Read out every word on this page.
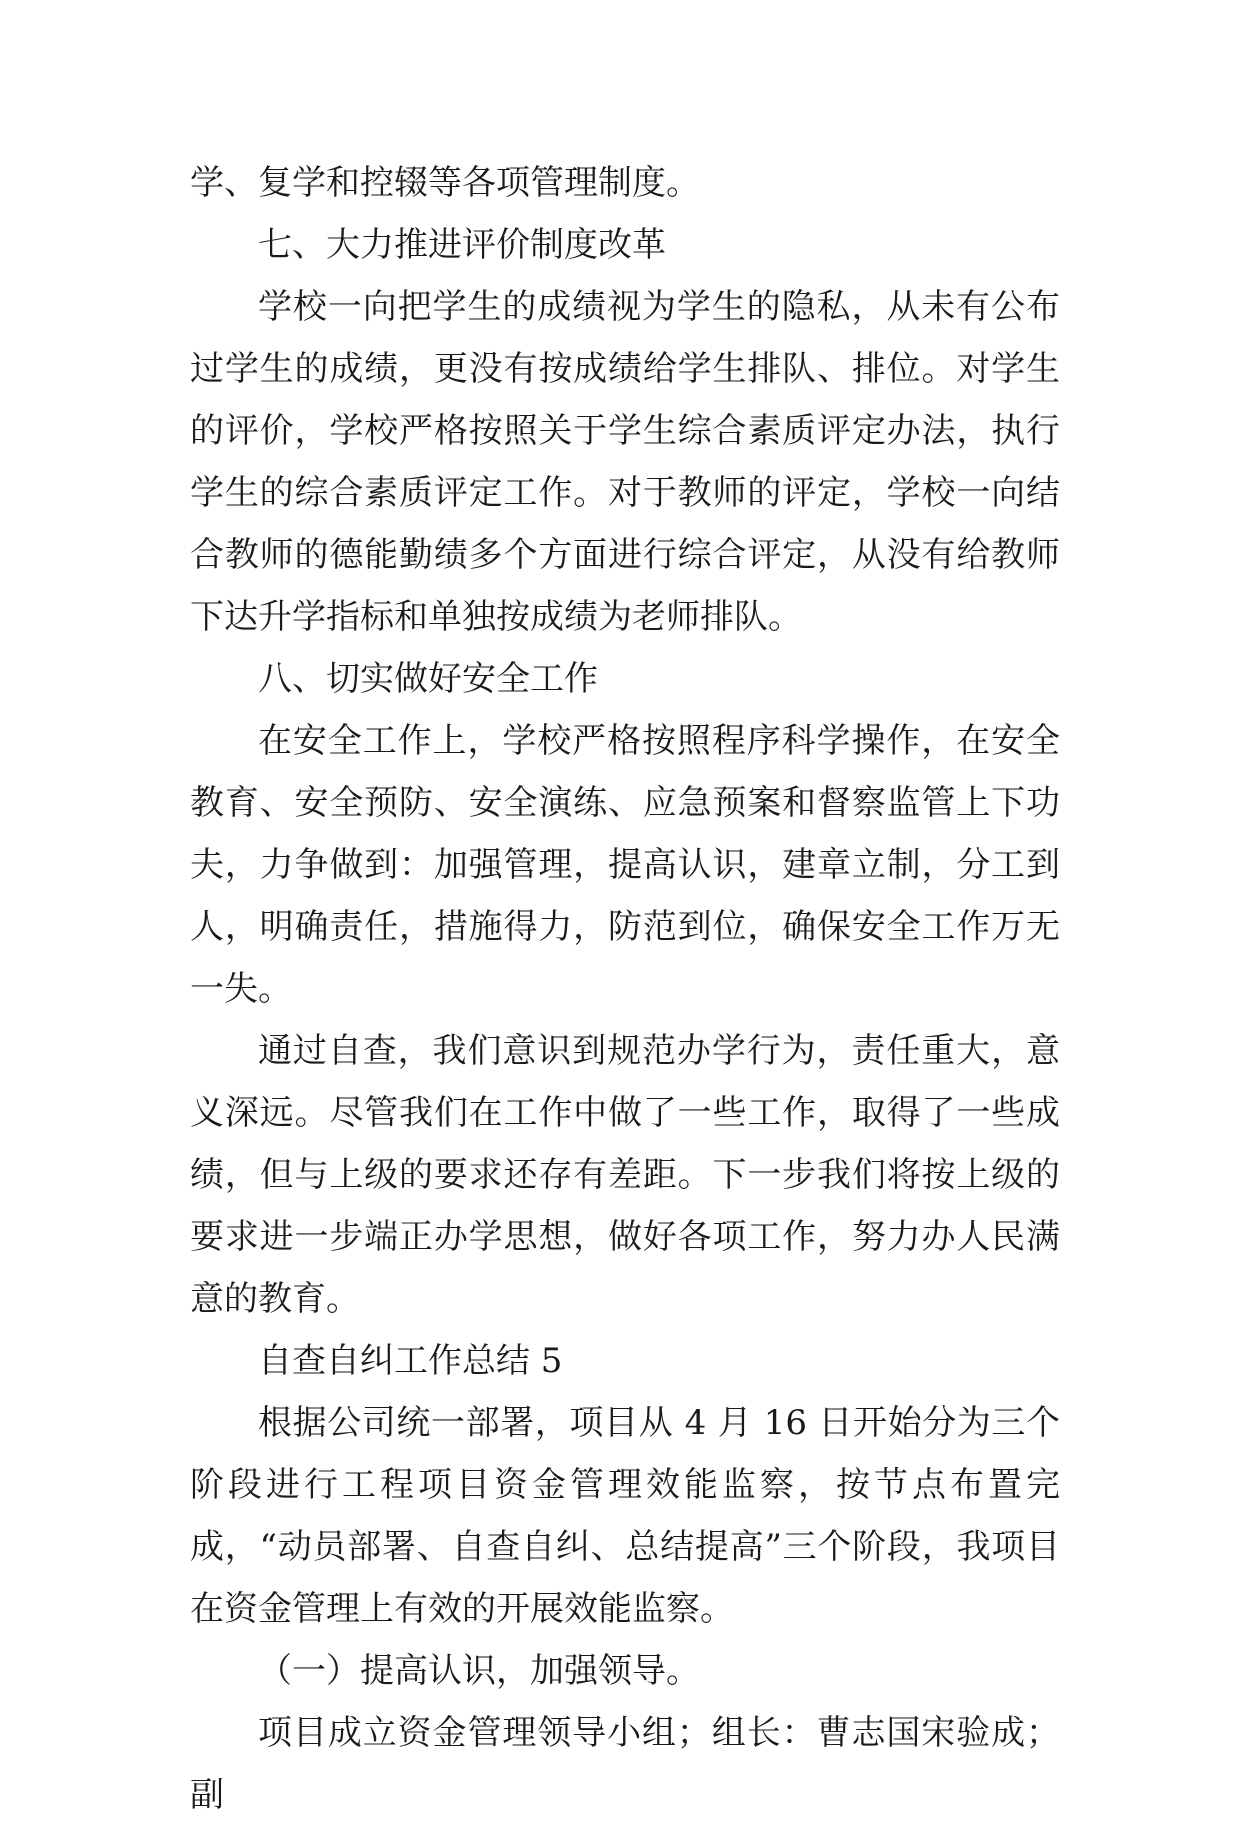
学、复学和控辍等各项管理制度。

七、大力推进评价制度改革

学校一向把学生的成绩视为学生的隐私，从未有公布过学生的成绩，更没有按成绩给学生排队、排位。对学生的评价，学校严格按照关于学生综合素质评定办法，执行学生的综合素质评定工作。对于教师的评定，学校一向结合教师的德能勤绩多个方面进行综合评定，从没有给教师下达升学指标和单独按成绩为老师排队。

八、切实做好安全工作

在安全工作上，学校严格按照程序科学操作，在安全教育、安全预防、安全演练、应急预案和督察监管上下功夫，力争做到：加强管理，提高认识，建章立制，分工到人，明确责任，措施得力，防范到位，确保安全工作万无一失。

通过自查，我们意识到规范办学行为，责任重大，意义深远。尽管我们在工作中做了一些工作，取得了一些成绩，但与上级的要求还存有差距。下一步我们将按上级的要求进一步端正办学思想，做好各项工作，努力办人民满意的教育。

自查自纠工作总结 5

根据公司统一部署，项目从 4 月 16 日开始分为三个阶段进行工程项目资金管理效能监察，按节点布置完成，“动员部署、自查自纠、总结提高”三个阶段，我项目在资金管理上有效的开展效能监察。

（一）提高认识，加强领导。

项目成立资金管理领导小组；组长：曹志国宋验成；副
